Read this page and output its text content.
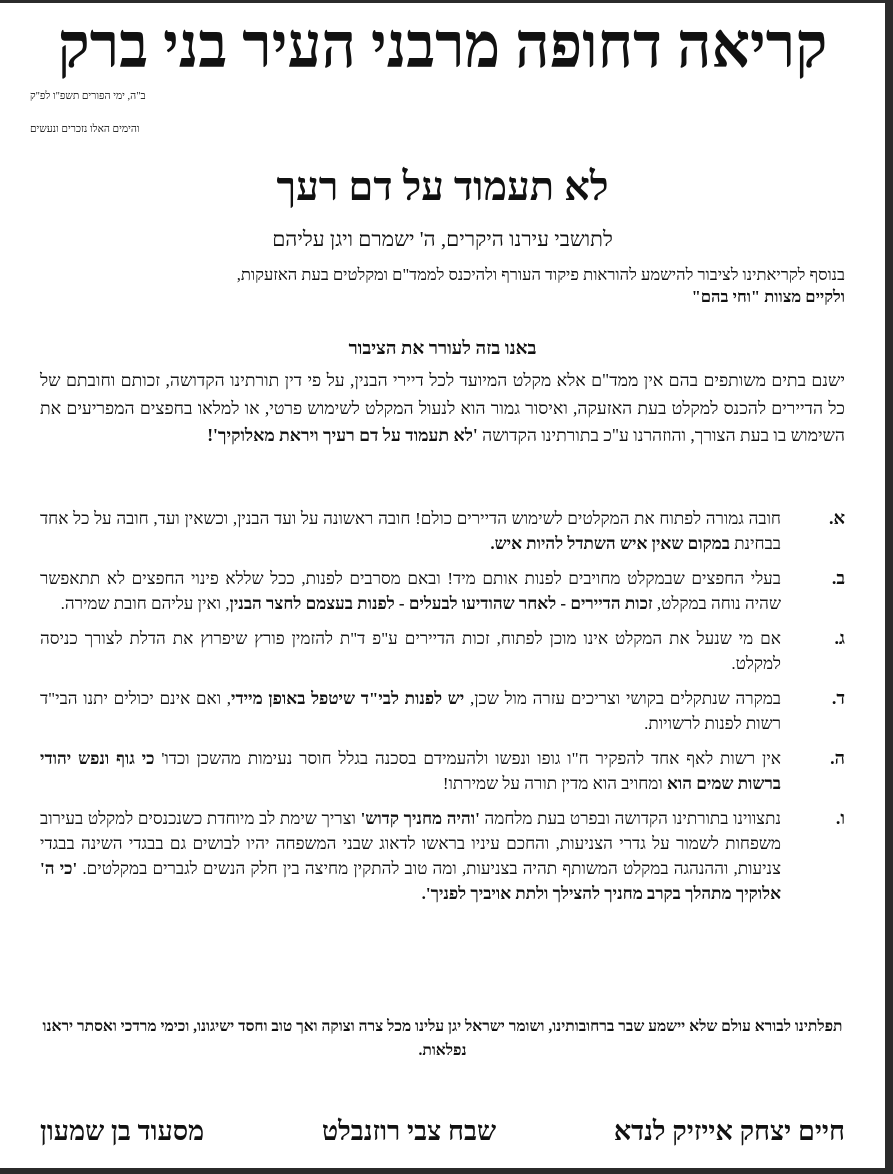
קריאה דחופה מרבני העיר בני ברק
ב"ה, ימי הפורים תשפ"ו לפ"ק
והימים האלו נזכרים ונעשים
לא תעמוד על דם רעך
לתושבי עירנו היקרים, ה' ישמרם ויגן עליהם
בנוסף לקריאתינו לציבור להישמע להוראות פיקוד העורף ולהיכנס לממד"ם ומקלטים בעת האזעקות,
ולקיים מצוות "וחי בהם"
באנו בזה לעורר את הציבור
ישנם בתים משותפים בהם אין ממד"ם אלא מקלט המיועד לכל דיירי הבנין, על פי דין תורתינו הקדושה, זכותם וחובתם של כל הדיירים להכנס למקלט בעת האזעקה, ואיסור גמור הוא לנעול המקלט לשימוש פרטי, או למלאו בחפצים המפריעים את השימוש בו בעת הצורך, והוזהרנו ע"כ בתורתינו הקדושה 'לא תעמוד על דם רעיך ויראת מאלוקיך'!
א.
חובה גמורה לפתוח את המקלטים לשימוש הדיירים כולם! חובה ראשונה על ועד הבנין, וכשאין ועד, חובה על כל אחד בבחינת במקום שאין איש השתדל להיות איש.
ב.
בעלי החפצים שבמקלט מחויבים לפנות אותם מיד! ובאם מסרבים לפנות, ככל שללא פינוי החפצים לא תתאפשר שהיה נוחה במקלט, זכות הדיירים - לאחר שהודיעו לבעלים - לפנות בעצמם לחצר הבנין, ואין עליהם חובת שמירה.
ג.
אם מי שנעל את המקלט אינו מוכן לפתוח, זכות הדיירים ע"פ ד"ת להזמין פורץ שיפרוץ את הדלת לצורך כניסה למקלט.
ד.
במקרה שנתקלים בקושי וצריכים עזרה מול שכן, יש לפנות לבי"ד שיטפל באופן מיידי, ואם אינם יכולים יתנו הבי"ד רשות לפנות לרשויות.
ה.
אין רשות לאף אחד להפקיר ח"ו גופו ונפשו ולהעמידם בסכנה בגלל חוסר נעימות מהשכן וכדו' כי גוף ונפש יהודי ברשות שמים הוא ומחויב הוא מדין תורה על שמירתו!
ו.
נתצווינו בתורתינו הקדושה ובפרט בעת מלחמה 'והיה מחניך קדוש' וצריך שימת לב מיוחדת כשנכנסים למקלט בעירוב משפחות לשמור על גדרי הצניעות, והחכם עיניו בראשו לדאוג שבני המשפחה יהיו לבושים גם בבגדי השינה בבגדי צניעות, וההנהגה במקלט המשותף תהיה בצניעות, ומה טוב להתקין מחיצה בין חלק הנשים לגברים במקלטים. 'כי ה' אלוקיך מתהלך בקרב מחניך להצילך ולתת אויביך לפניך'.
תפלתינו לבורא עולם שלא יישמע שבר ברחובותינו, ושומר ישראל יגן עלינו מכל צרה וצוקה ואך טוב וחסד ישיגונו, וכימי מרדכי ואסתר יראנו נפלאות.
חיים יצחק אייזיק לנדא
שבח צבי רוזנבלט
מסעוד בן שמעון
